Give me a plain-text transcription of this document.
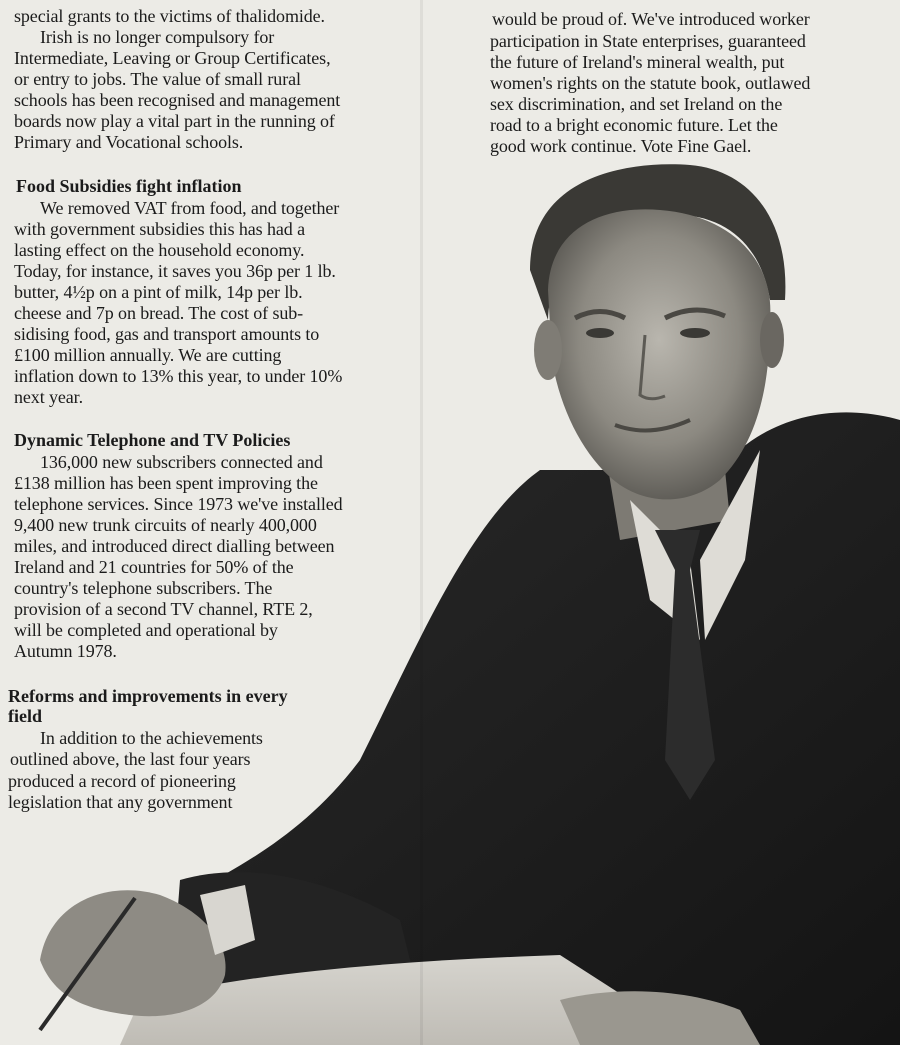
special grants to the victims of thalidomide.
Irish is no longer compulsory for
Intermediate, Leaving or Group Certificates,
or entry to jobs. The value of small rural
schools has been recognised and management
boards now play a vital part in the running of
Primary and Vocational schools.
Food Subsidies fight inflation
We removed VAT from food, and together
with government subsidies this has had a
lasting effect on the household economy.
Today, for instance, it saves you 36p per 1 lb.
butter, 4½p on a pint of milk, 14p per lb.
cheese and 7p on bread. The cost of sub-
sidising food, gas and transport amounts to
£100 million annually. We are cutting
inflation down to 13% this year, to under 10%
next year.
Dynamic Telephone and TV Policies
136,000 new subscribers connected and
£138 million has been spent improving the
telephone services. Since 1973 we've installed
9,400 new trunk circuits of nearly 400,000
miles, and introduced direct dialling between
Ireland and 21 countries for 50% of the
country's telephone subscribers. The
provision of a second TV channel, RTE 2,
will be completed and operational by
Autumn 1978.
Reforms and improvements in every
field
In addition to the achievements
outlined above, the last four years
produced a record of pioneering
legislation that any government
would be proud of. We've introduced worker
participation in State enterprises, guaranteed
the future of Ireland's mineral wealth, put
women's rights on the statute book, outlawed
sex discrimination, and set Ireland on the
road to a bright economic future. Let the
good work continue. Vote Fine Gael.
